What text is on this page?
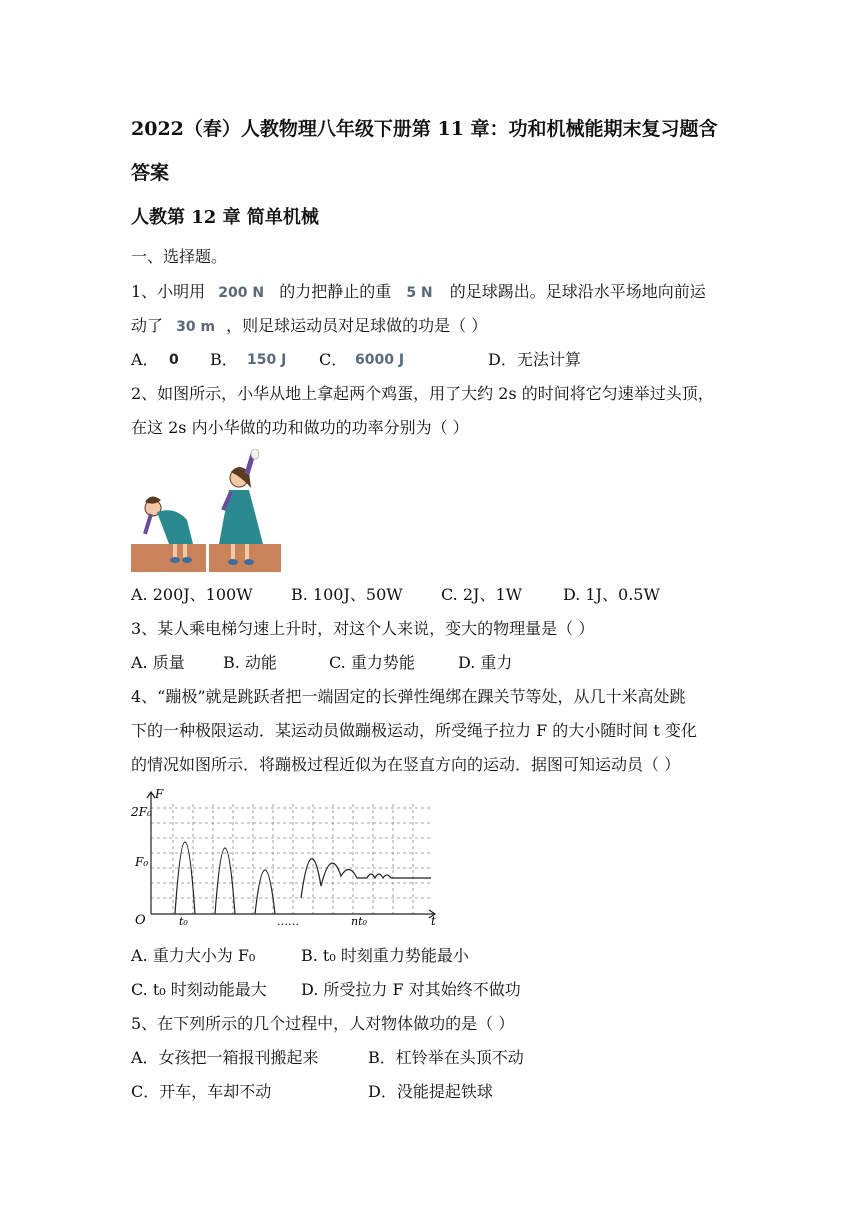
2022（春）人教物理八年级下册第 11 章：功和机械能期末复习题含
答案
人教第 12 章 简单机械
一、选择题。
1、小明用 200 N 的力把静止的重 5 N 的足球踢出。足球沿水平场地向前运
动了 30 m ，则足球运动员对足球做的功是（ ）
A． 0 B． 150 J C． 6000 J	D．无法计算
2、如图所示，小华从地上拿起两个鸡蛋，用了大约 2s 的时间将它匀速举过头顶，
在这 2s 内小华做的功和做功的功率分别为（ ）
A. 200J、100W B. 100J、50W C. 2J、1W	D. 1J、0.5W
3、某人乘电梯匀速上升时，对这个人来说，变大的物理量是（ ）
A. 质量 B. 动能	C. 重力势能	D. 重力
4、“蹦极”就是跳跃者把一端固定的长弹性绳绑在踝关节等处，从几十米高处跳
下的一种极限运动．某运动员做蹦极运动，所受绳子拉力 F 的大小随时间 t 变化
的情况如图所示．将蹦极过程近似为在竖直方向的运动．据图可知运动员（ ）
2F₀
F₀
F
O	t₀	……	nt₀	t
A. 重力大小为 F₀	B. t₀ 时刻重力势能最小
C. t₀ 时刻动能最大 D. 所受拉力 F 对其始终不做功
5、在下列所示的几个过程中，人对物体做功的是（ ）
A．女孩把一箱报刊搬起来	B．杠铃举在头顶不动
C．开车，车却不动	D．没能提起铁球
